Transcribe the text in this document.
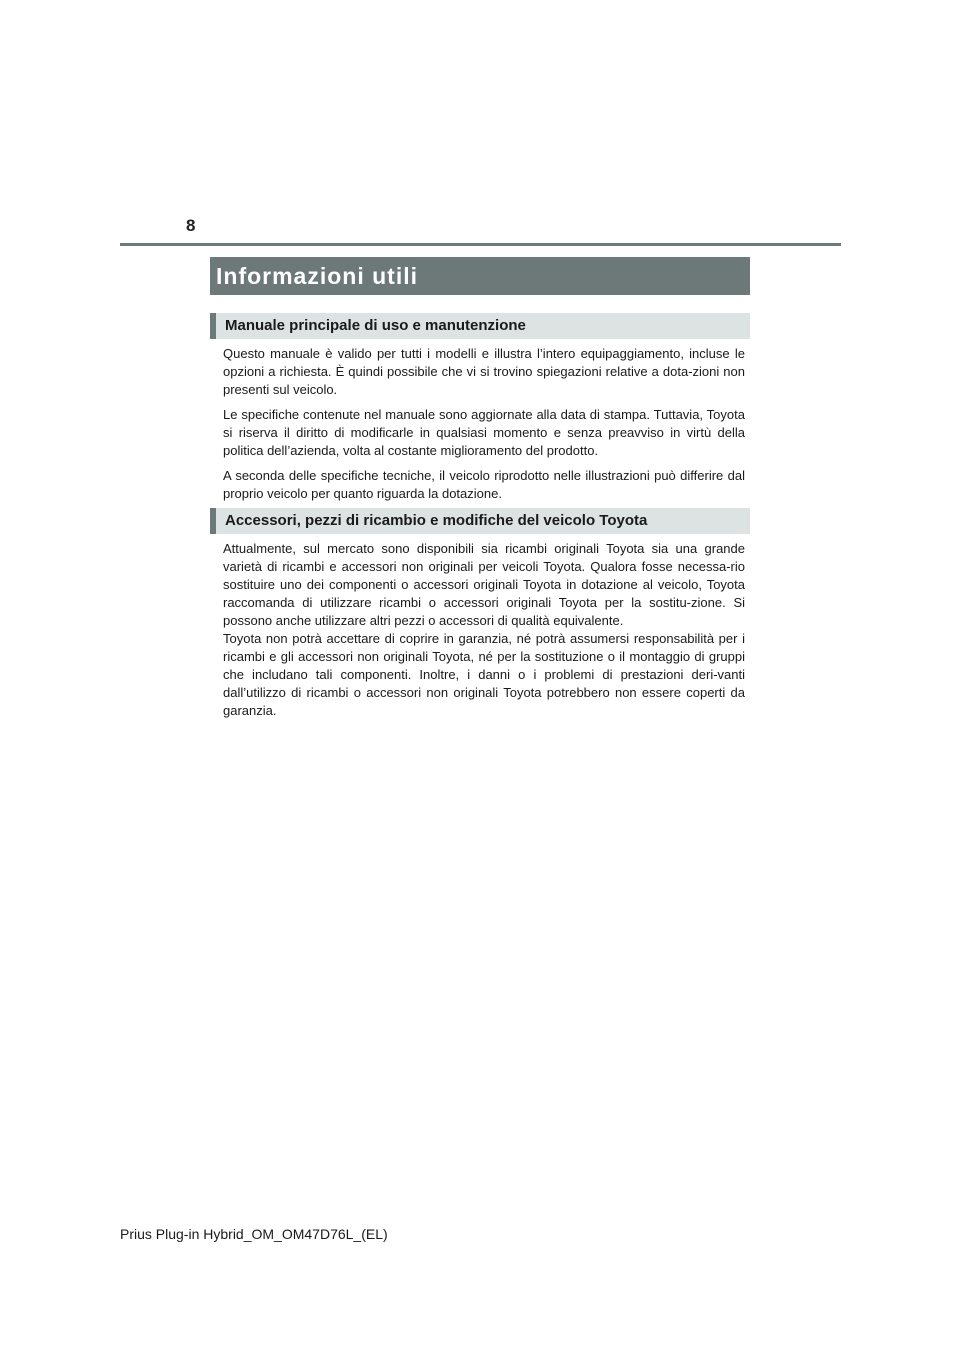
8
Informazioni utili
Manuale principale di uso e manutenzione

Questo manuale è valido per tutti i modelli e illustra l’intero equipaggiamento, incluse le opzioni a richiesta. È quindi possibile che vi si trovino spiegazioni relative a dota-zioni non presenti sul veicolo.

Le specifiche contenute nel manuale sono aggiornate alla data di stampa. Tuttavia, Toyota si riserva il diritto di modificarle in qualsiasi momento e senza preavviso in virtù della politica dell’azienda, volta al costante miglioramento del prodotto.

A seconda delle specifiche tecniche, il veicolo riprodotto nelle illustrazioni può differire dal proprio veicolo per quanto riguarda la dotazione.

Accessori, pezzi di ricambio e modifiche del veicolo Toyota

Attualmente, sul mercato sono disponibili sia ricambi originali Toyota sia una grande varietà di ricambi e accessori non originali per veicoli Toyota. Qualora fosse necessa-rio sostituire uno dei componenti o accessori originali Toyota in dotazione al veicolo, Toyota raccomanda di utilizzare ricambi o accessori originali Toyota per la sostitu-zione. Si possono anche utilizzare altri pezzi o accessori di qualità equivalente.

Toyota non potrà accettare di coprire in garanzia, né potrà assumersi responsabilità per i ricambi e gli accessori non originali Toyota, né per la sostituzione o il montaggio di gruppi che includano tali componenti. Inoltre, i danni o i problemi di prestazioni deri-vanti dall’utilizzo di ricambi o accessori non originali Toyota potrebbero non essere coperti da garanzia.

Prius Plug-in Hybrid_OM_OM47D76L_(EL)
